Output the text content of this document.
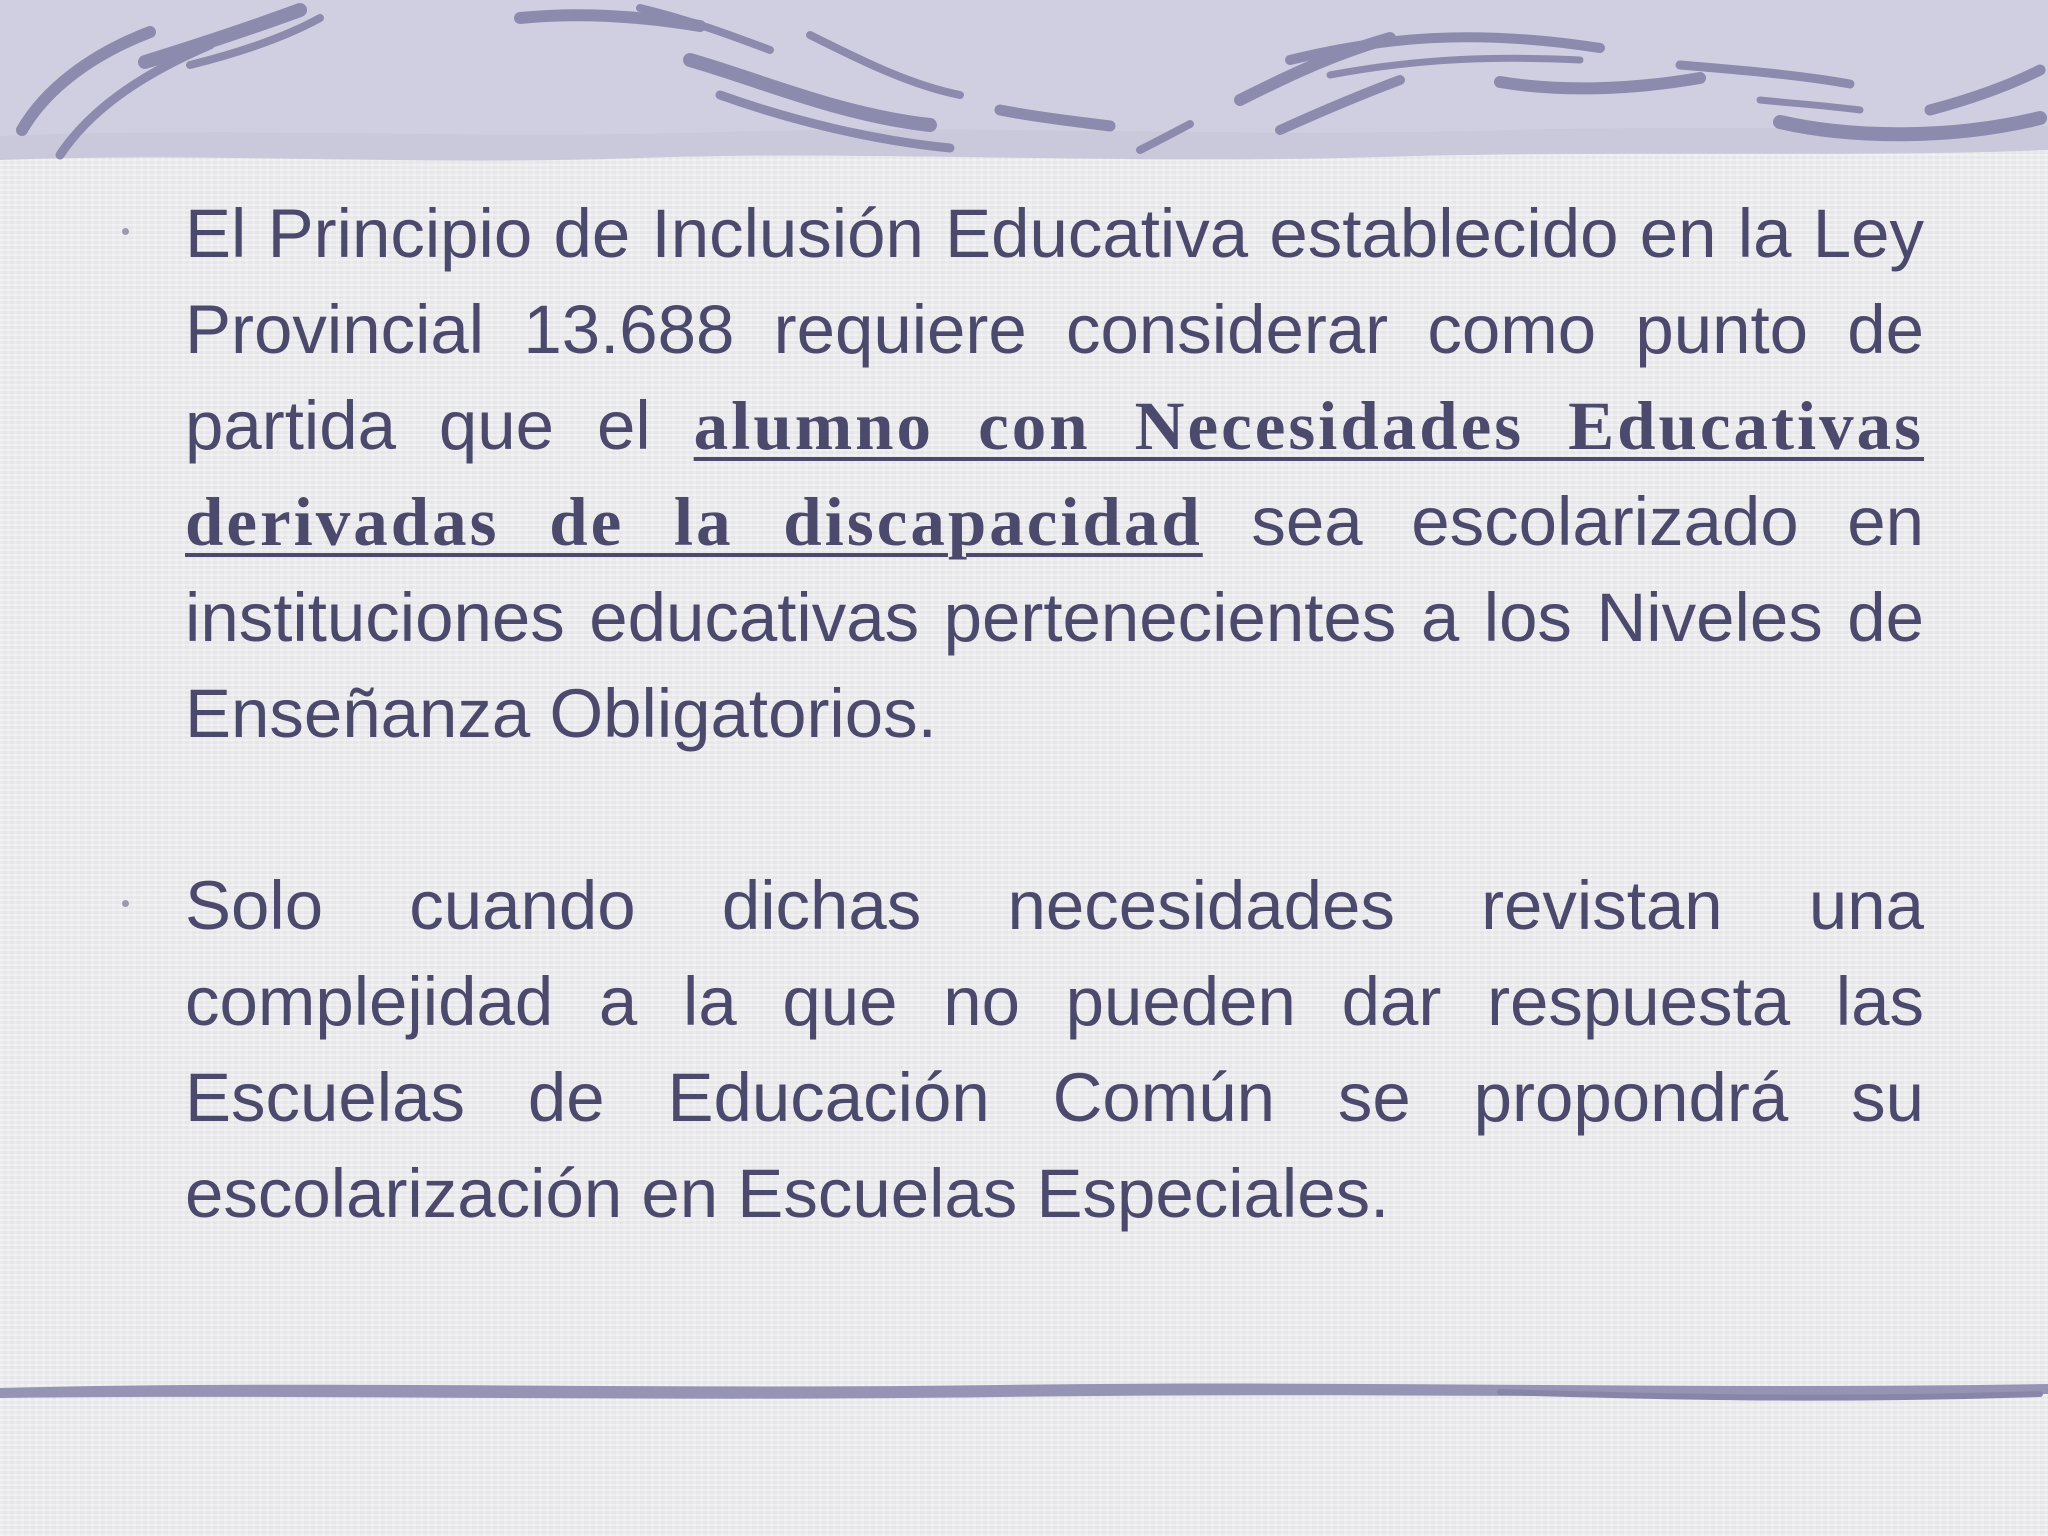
El Principio de Inclusión Educativa establecido en la Ley Provincial 13.688 requiere considerar como punto de partida que el alumno con Necesidades Educativas derivadas de la discapacidad sea escolarizado en instituciones educativas pertenecientes a los Niveles de Enseñanza Obligatorios.
Solo cuando dichas necesidades revistan una complejidad a la que no pueden dar respuesta las Escuelas de Educación Común se propondrá su escolarización en Escuelas Especiales.
